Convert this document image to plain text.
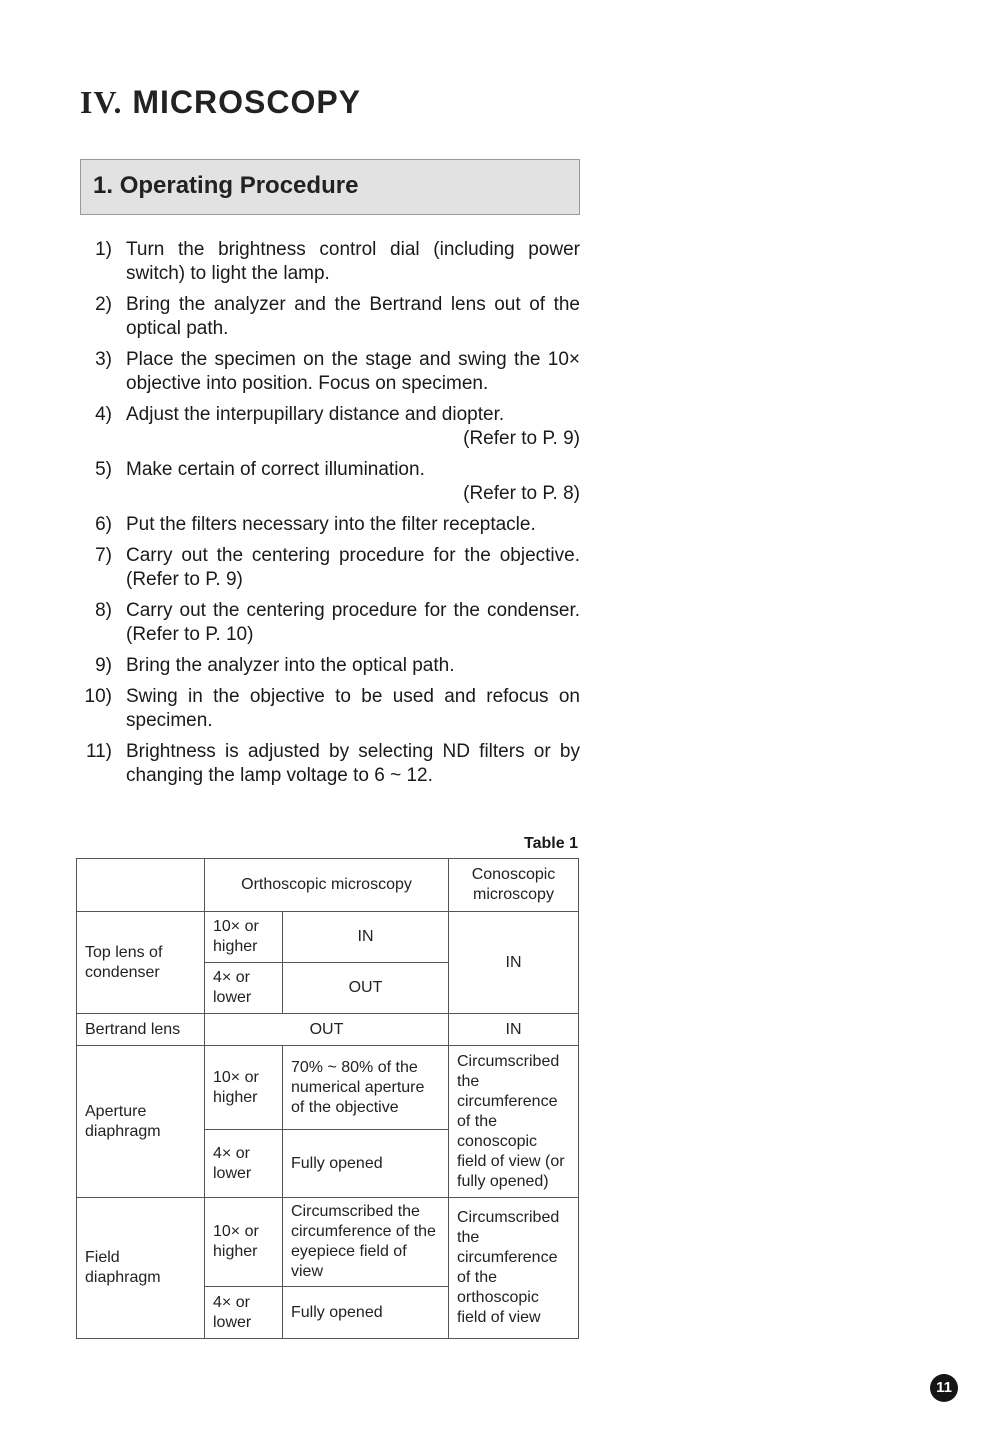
IV. MICROSCOPY
1. Operating Procedure
1) Turn the brightness control dial (including power switch) to light the lamp.
2) Bring the analyzer and the Bertrand lens out of the optical path.
3) Place the specimen on the stage and swing the 10× objective into position. Focus on specimen.
4) Adjust the interpupillary distance and diopter.
(Refer to P. 9)
5) Make certain of correct illumination.
(Refer to P. 8)
6) Put the filters necessary into the filter receptacle.
7) Carry out the centering procedure for the objective. (Refer to P. 9)
8) Carry out the centering procedure for the condenser. (Refer to P. 10)
9) Bring the analyzer into the optical path.
10) Swing in the objective to be used and refocus on specimen.
11) Brightness is adjusted by selecting ND filters or by changing the lamp voltage to 6 ~ 12.
Table 1
	Orthoscopic microscopy		Conoscopic microscopy
Top lens of condenser	10× or higher	IN	IN
	4× or lower	OUT	
Bertrand lens	OUT		IN
Aperture diaphragm	10× or higher	70% ~ 80% of the numerical aperture of the objective	Circumscribed the circumference of the conoscopic field of view (or fully opened)
	4× or lower	Fully opened	
Field diaphragm	10× or higher	Circumscribed the circumference of the eyepiece field of view	Circumscribed the circumference of the orthoscopic field of view
	4× or lower	Fully opened	
11
